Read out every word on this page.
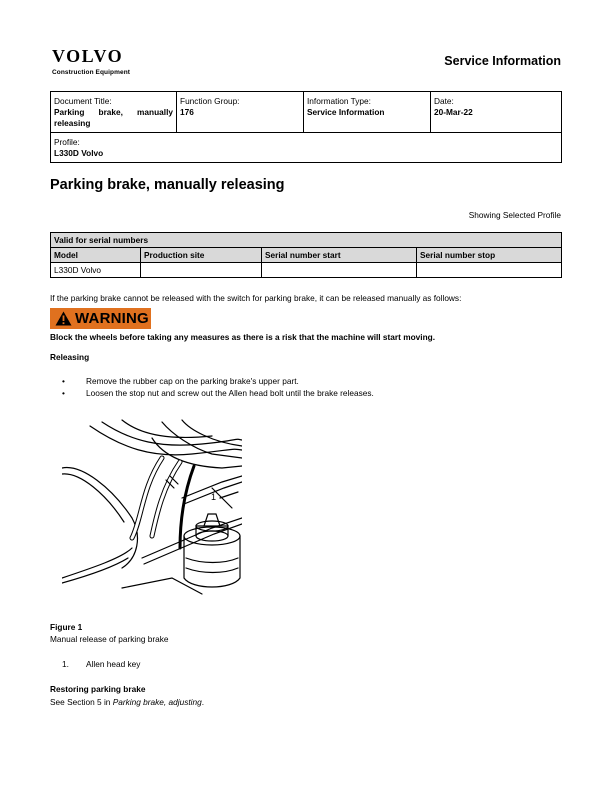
VOLVO
Construction Equipment
Service Information
Document Title:
Parking brake, manually
releasing

Function Group:
176

Information Type:
Service Information

Date:
20-Mar-22

Profile:
L330D Volvo
Parking brake, manually releasing
Showing Selected Profile
Valid for serial numbers			
Model	Production site	Serial number start	Serial number stop
L330D Volvo			
If the parking brake cannot be released with the switch for parking brake, it can be released manually as follows:
WARNING
Block the wheels before taking any measures as there is a risk that the machine will start moving.
Releasing
• Remove the rubber cap on the parking brake's upper part.
• Loosen the stop nut and screw out the Allen head bolt until the brake releases.
1
Figure 1
Manual release of parking brake
1. Allen head key
Restoring parking brake
See Section 5 in Parking brake, adjusting.
